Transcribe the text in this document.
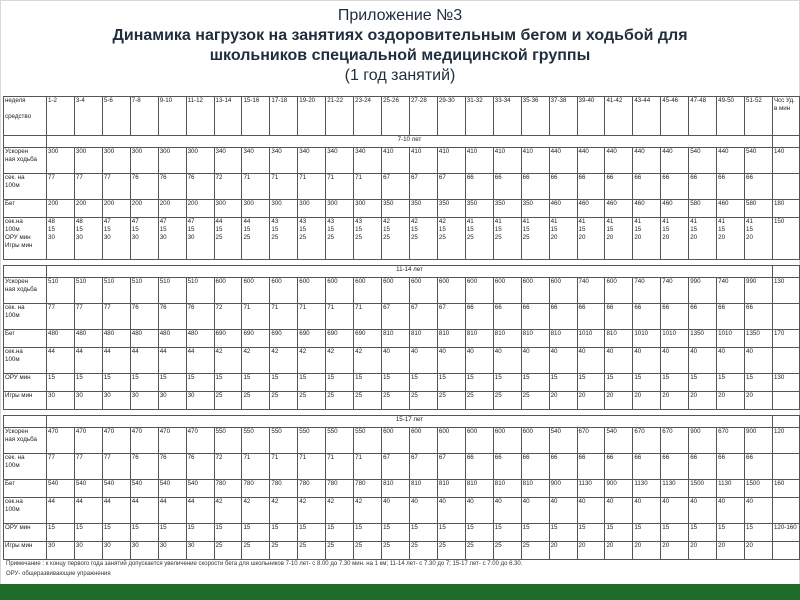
Приложение №3
Динамика нагрузок на занятиях оздоровительным бегом и ходьбой для
школьников специальной медицинской группы
(1 год занятий)
неделя

средство	1-2	3-4	5-6	7-8	9-10	11-12	13-14	15-16	17-18	19-20	21-22	23-24	25-26	27-28	29-30	31-32	33-34	35-36	37-38	39-40	41-42	43-44	45-46	47-48	49-50	51-52	Чсс Уд. в мин
	7-10 лет																										
Ускорен
ная ходьба	300	300	300	300	300	300	340	340	340	340	340	340	410	410	410	410	410	410	440	440	440	440	440	540	440	540	140
сек. на
100м	77	77	77	76	76	76	72	71	71	71	71	71	67	67	67	66	66	66	66	66	66	66	66	66	66	66	
Бег	200	200	200	200	200	200	300	300	300	300	300	300	350	350	350	350	350	350	460	460	460	460	460	580	460	580	180
сек.на
100м
ОРУ мин
Игры мин	48
15
30	48
15
30	47
15
30	47
15
30	47
15
30	47
15
30	44
15
25	44
15
25	43
15
25	43
15
25	43
15
25	43
15
25	42
15
25	42
15
25	42
15
25	41
15
25	41
15
25	41
15
25	41
15
20	41
15
20	41
15
20	41
15
20	41
15
20	41
15
20	41
15
20	41
15
20	150

	11-14 лет																										
Ускорен
ная ходьба	510	510	510	510	510	510	600	600	600	600	600	600	600	600	600	600	600	600	600	740	600	740	740	990	740	990	130
сек. на
100м	77	77	77	76	76	76	72	71	71	71	71	71	67	67	67	66	66	66	66	66	66	66	66	66	66	66	
Бег	480	480	480	480	480	480	690	690	690	690	690	690	810	810	810	810	810	810	810	1010	810	1010	1010	1350	1010	1350	170
сек.на
100м	44	44	44	44	44	44	42	42	42	42	42	42	40	40	40	40	40	40	40	40	40	40	40	40	40	40	
ОРУ мин	15	15	15	15	15	15	15	15	15	15	15	15	15	15	15	15	15	15	15	15	15	15	15	15	15	15	130
Игры мин	30	30	30	30	30	30	25	25	25	25	25	25	25	25	25	25	25	25	20	20	20	20	20	20	20	20	

	15-17 лет																										
Ускорен
ная ходьба	470	470	470	470	470	470	550	550	550	550	550	550	600	600	600	600	600	600	540	670	540	670	670	900	670	900	120
сек. на
100м	77	77	77	76	76	76	72	71	71	71	71	71	67	67	67	66	66	66	66	66	66	66	66	66	66	66	
Бег	540	540	540	540	540	540	780	780	780	780	780	780	810	810	810	810	810	810	900	1130	900	1130	1130	1500	1130	1500	160
сек.на
100м	44	44	44	44	44	44	42	42	42	42	42	42	40	40	40	40	40	40	40	40	40	40	40	40	40	40	
ОРУ мин	15	15	15	15	15	15	15	15	15	15	15	15	15	15	15	15	15	15	15	15	15	15	15	15	15	15	120-160
Игры мин	30	30	30	30	30	30	25	25	25	25	25	25	25	25	25	25	25	25	20	20	20	20	20	20	20	20	
Примечание : к концу первого года занятий допускается увеличение скорости бега для школьников 7-10 лет- с 8.00 до 7.30 мин. на 1 км; 11-14 лет- с 7.30 до 7; 15-17 лет- с 7.00 до 6.30.
ОРУ- общеразвивающие упражнения
